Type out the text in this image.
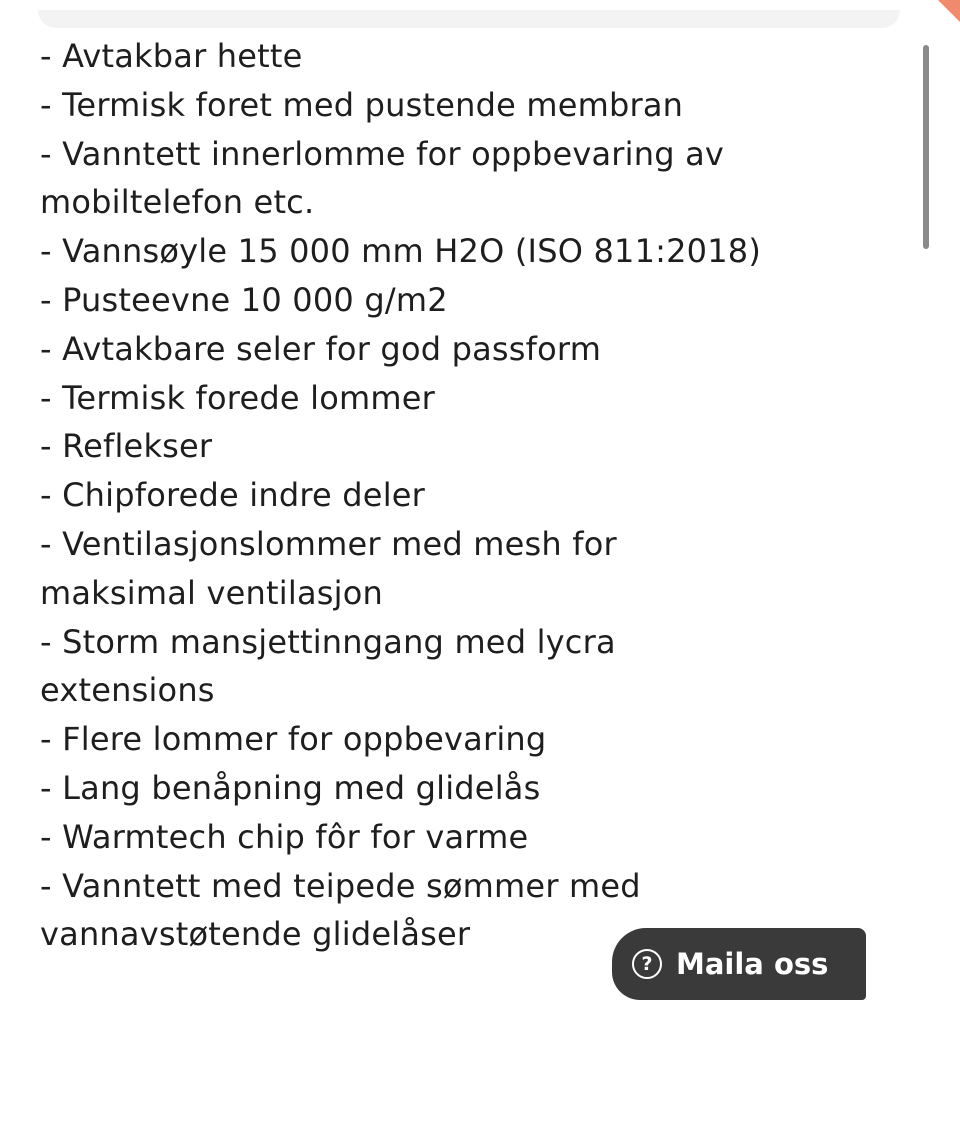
- Avtakbar hette
- Termisk foret med pustende membran
- Vanntett innerlomme for oppbevaring av
mobiltelefon etc.
- Vannsøyle 15 000 mm H2O (ISO 811:2018)
- Pusteevne 10 000 g/m2
- Avtakbare seler for god passform
- Termisk forede lommer
- Reflekser
- Chipforede indre deler
- Ventilasjonslommer med mesh for
maksimal ventilasjon
- Storm mansjettinngang med lycra
extensions
- Flere lommer for oppbevaring
- Lang benåpning med glidelås
- Warmtech chip fôr for varme
- Vanntett med teipede sømmer med
vannavstøtende glidelåser
? Maila oss
